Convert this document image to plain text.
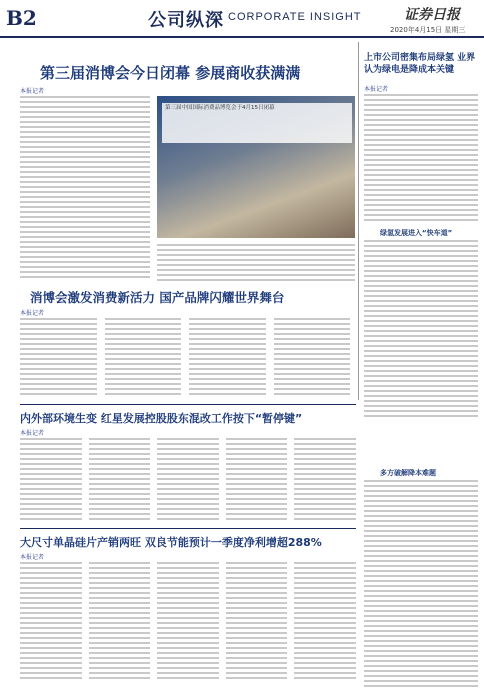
B2	公司纵深 CORPORATE INSIGHT	证券日报
2020年4月15日 星期三
第三届消博会今日闭幕 参展商收获满满
本报记者
第三届中国国际消费品博览会于4月15日闭幕
上市公司密集布局绿氢 业界认为绿电是降成本关键
本报记者
绿氢发展进入“快车道”
多方破解降本难题
消博会激发消费新活力 国产品牌闪耀世界舞台
本报记者
内外部环境生变 红星发展控股股东混改工作按下“暂停键”
本报记者
大尺寸单晶硅片产销两旺 双良节能预计一季度净利增超288%
本报记者
